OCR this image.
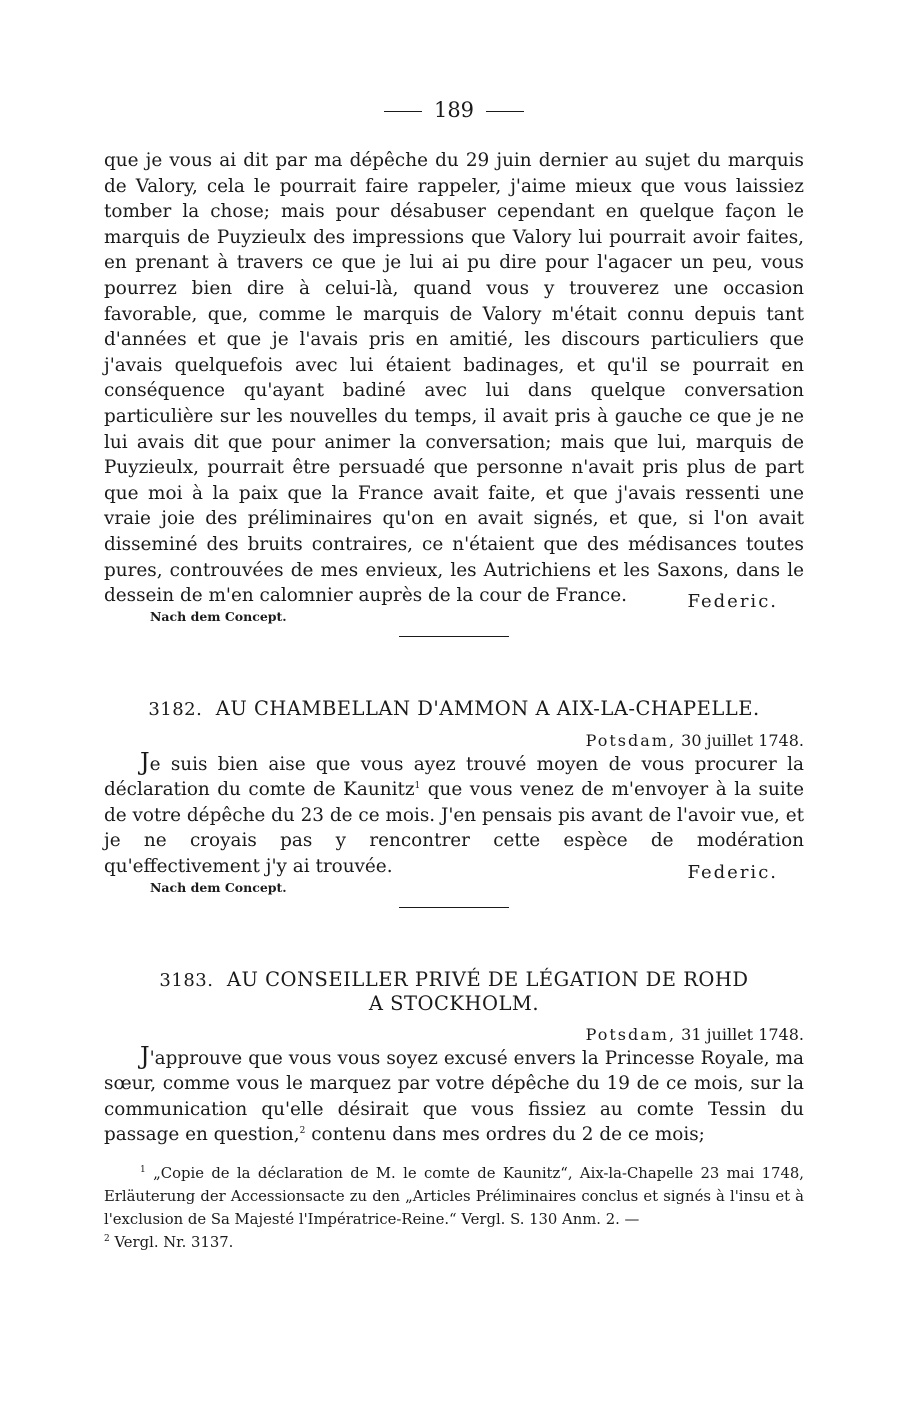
189
que je vous ai dit par ma dépêche du 29 juin dernier au sujet du marquis de Valory, cela le pourrait faire rappeler, j'aime mieux que vous laissiez tomber la chose; mais pour désabuser cependant en quelque façon le marquis de Puyzieulx des impressions que Valory lui pourrait avoir faites, en prenant à travers ce que je lui ai pu dire pour l'agacer un peu, vous pourrez bien dire à celui-là, quand vous y trouverez une occasion favorable, que, comme le marquis de Valory m'était connu depuis tant d'années et que je l'avais pris en amitié, les discours particuliers que j'avais quelquefois avec lui étaient badinages, et qu'il se pourrait en conséquence qu'ayant badiné avec lui dans quelque conversation particulière sur les nouvelles du temps, il avait pris à gauche ce que je ne lui avais dit que pour animer la conversation; mais que lui, marquis de Puyzieulx, pourrait être persuadé que personne n'avait pris plus de part que moi à la paix que la France avait faite, et que j'avais ressenti une vraie joie des préliminaires qu'on en avait signés, et que, si l'on avait disseminé des bruits contraires, ce n'étaient que des médisances toutes pures, controuvées de mes envieux, les Autrichiens et les Saxons, dans le dessein de m'en calomnier auprès de la cour de France.	Federic.
Nach dem Concept.
3182. AU CHAMBELLAN D'AMMON A AIX-LA-CHAPELLE.
Potsdam, 30 juillet 1748.
Je suis bien aise que vous ayez trouvé moyen de vous procurer la déclaration du comte de Kaunitz$^1$ que vous venez de m'envoyer à la suite de votre dépêche du 23 de ce mois. J'en pensais pis avant de l'avoir vue, et je ne croyais pas y rencontrer cette espèce de modération qu'effectivement j'y ai trouvée.	Federic.
Nach dem Concept.
3183. AU CONSEILLER PRIVÉ DE LÉGATION DE ROHD
A STOCKHOLM.
Potsdam, 31 juillet 1748.
J'approuve que vous vous soyez excusé envers la Princesse Royale, ma sœur, comme vous le marquez par votre dépêche du 19 de ce mois, sur la communication qu'elle désirait que vous fissiez au comte Tessin du passage en question,$^2$ contenu dans mes ordres du 2 de ce mois;
$^1$ „Copie de la déclaration de M. le comte de Kaunitz“, Aix-la-Chapelle 23 mai 1748, Erläuterung der Accessionsacte zu den „Articles Préliminaires conclus et signés à l'insu et à l'exclusion de Sa Majesté l'Impératrice-Reine.“ Vergl. S. 130 Anm. 2. —
$^2$ Vergl. Nr. 3137.
